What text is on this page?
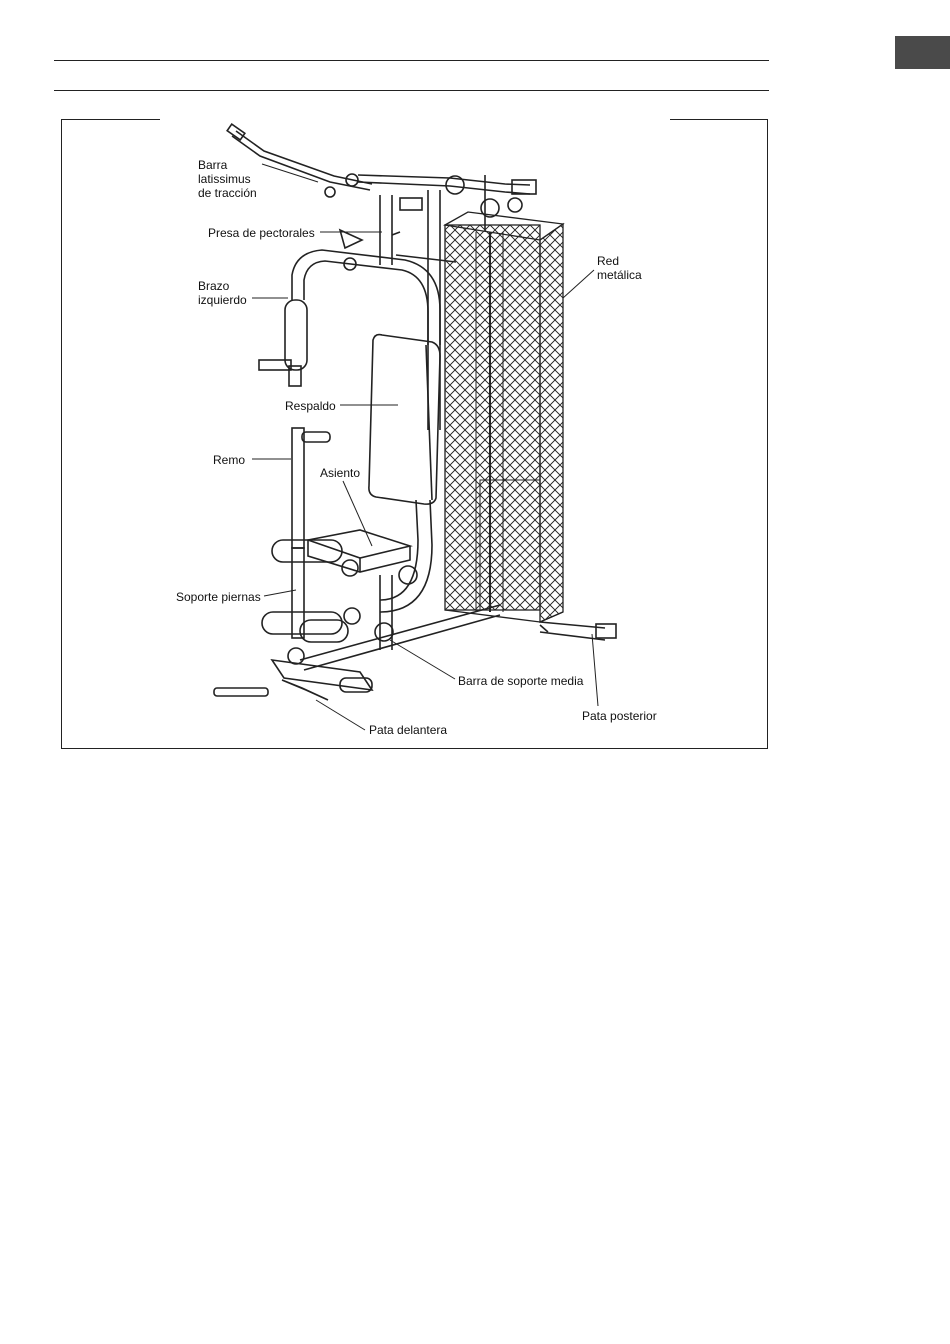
Barra
latissimus
de tracción
Presa de pectorales
Brazo
izquierdo
Red
metálica
Respaldo
Remo
Asiento
Soporte piernas
Barra de soporte media
Pata posterior
Pata delantera
